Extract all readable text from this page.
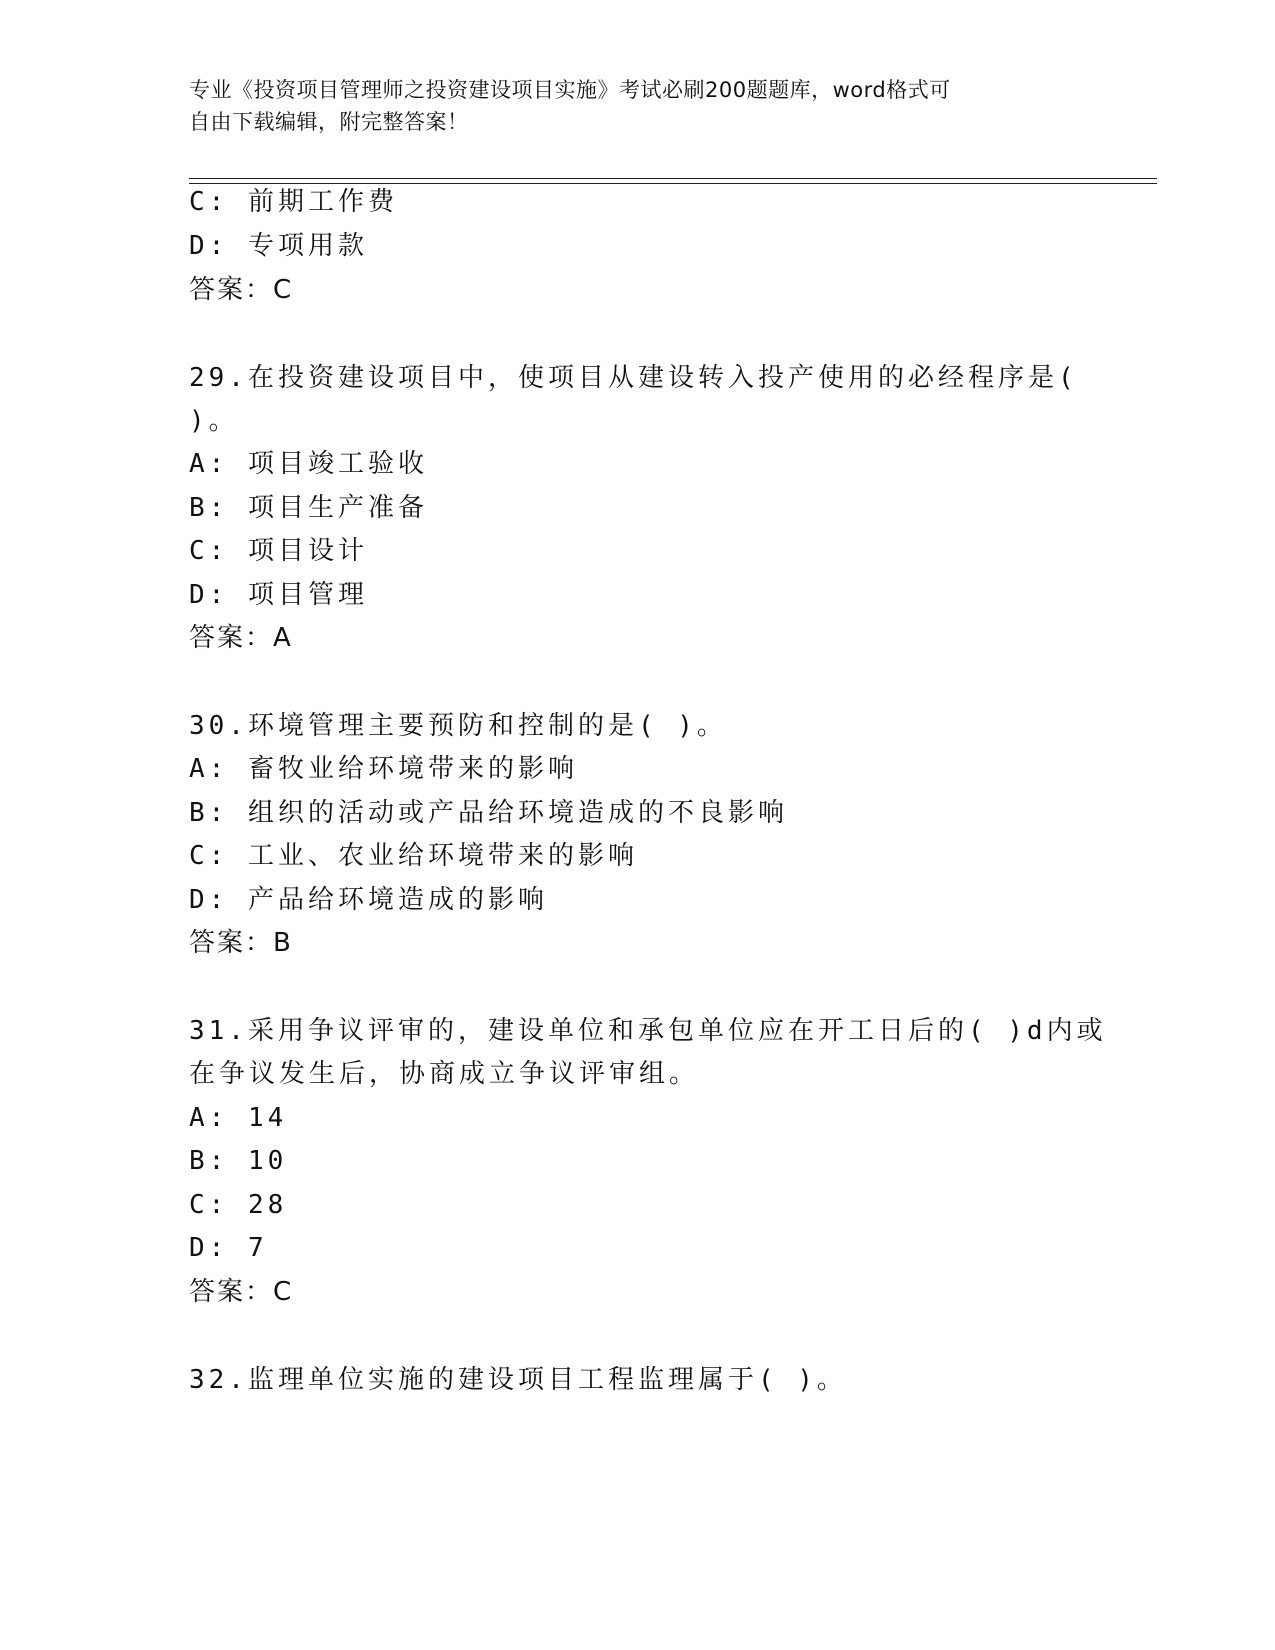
专业《投资项目管理师之投资建设项目实施》考试必刷200题题库，word格式可
自由下载编辑，附完整答案！
C: 前期工作费
D: 专项用款
答案：C
29.在投资建设项目中，使项目从建设转入投产使用的必经程序是(
)。
A: 项目竣工验收
B: 项目生产准备
C: 项目设计
D: 项目管理
答案：A
30.环境管理主要预防和控制的是( )。
A: 畜牧业给环境带来的影响
B: 组织的活动或产品给环境造成的不良影响
C: 工业、农业给环境带来的影响
D: 产品给环境造成的影响
答案：B
31.采用争议评审的，建设单位和承包单位应在开工日后的( )d内或
在争议发生后，协商成立争议评审组。
A: 14
B: 10
C: 28
D: 7
答案：C
32.监理单位实施的建设项目工程监理属于( )。
